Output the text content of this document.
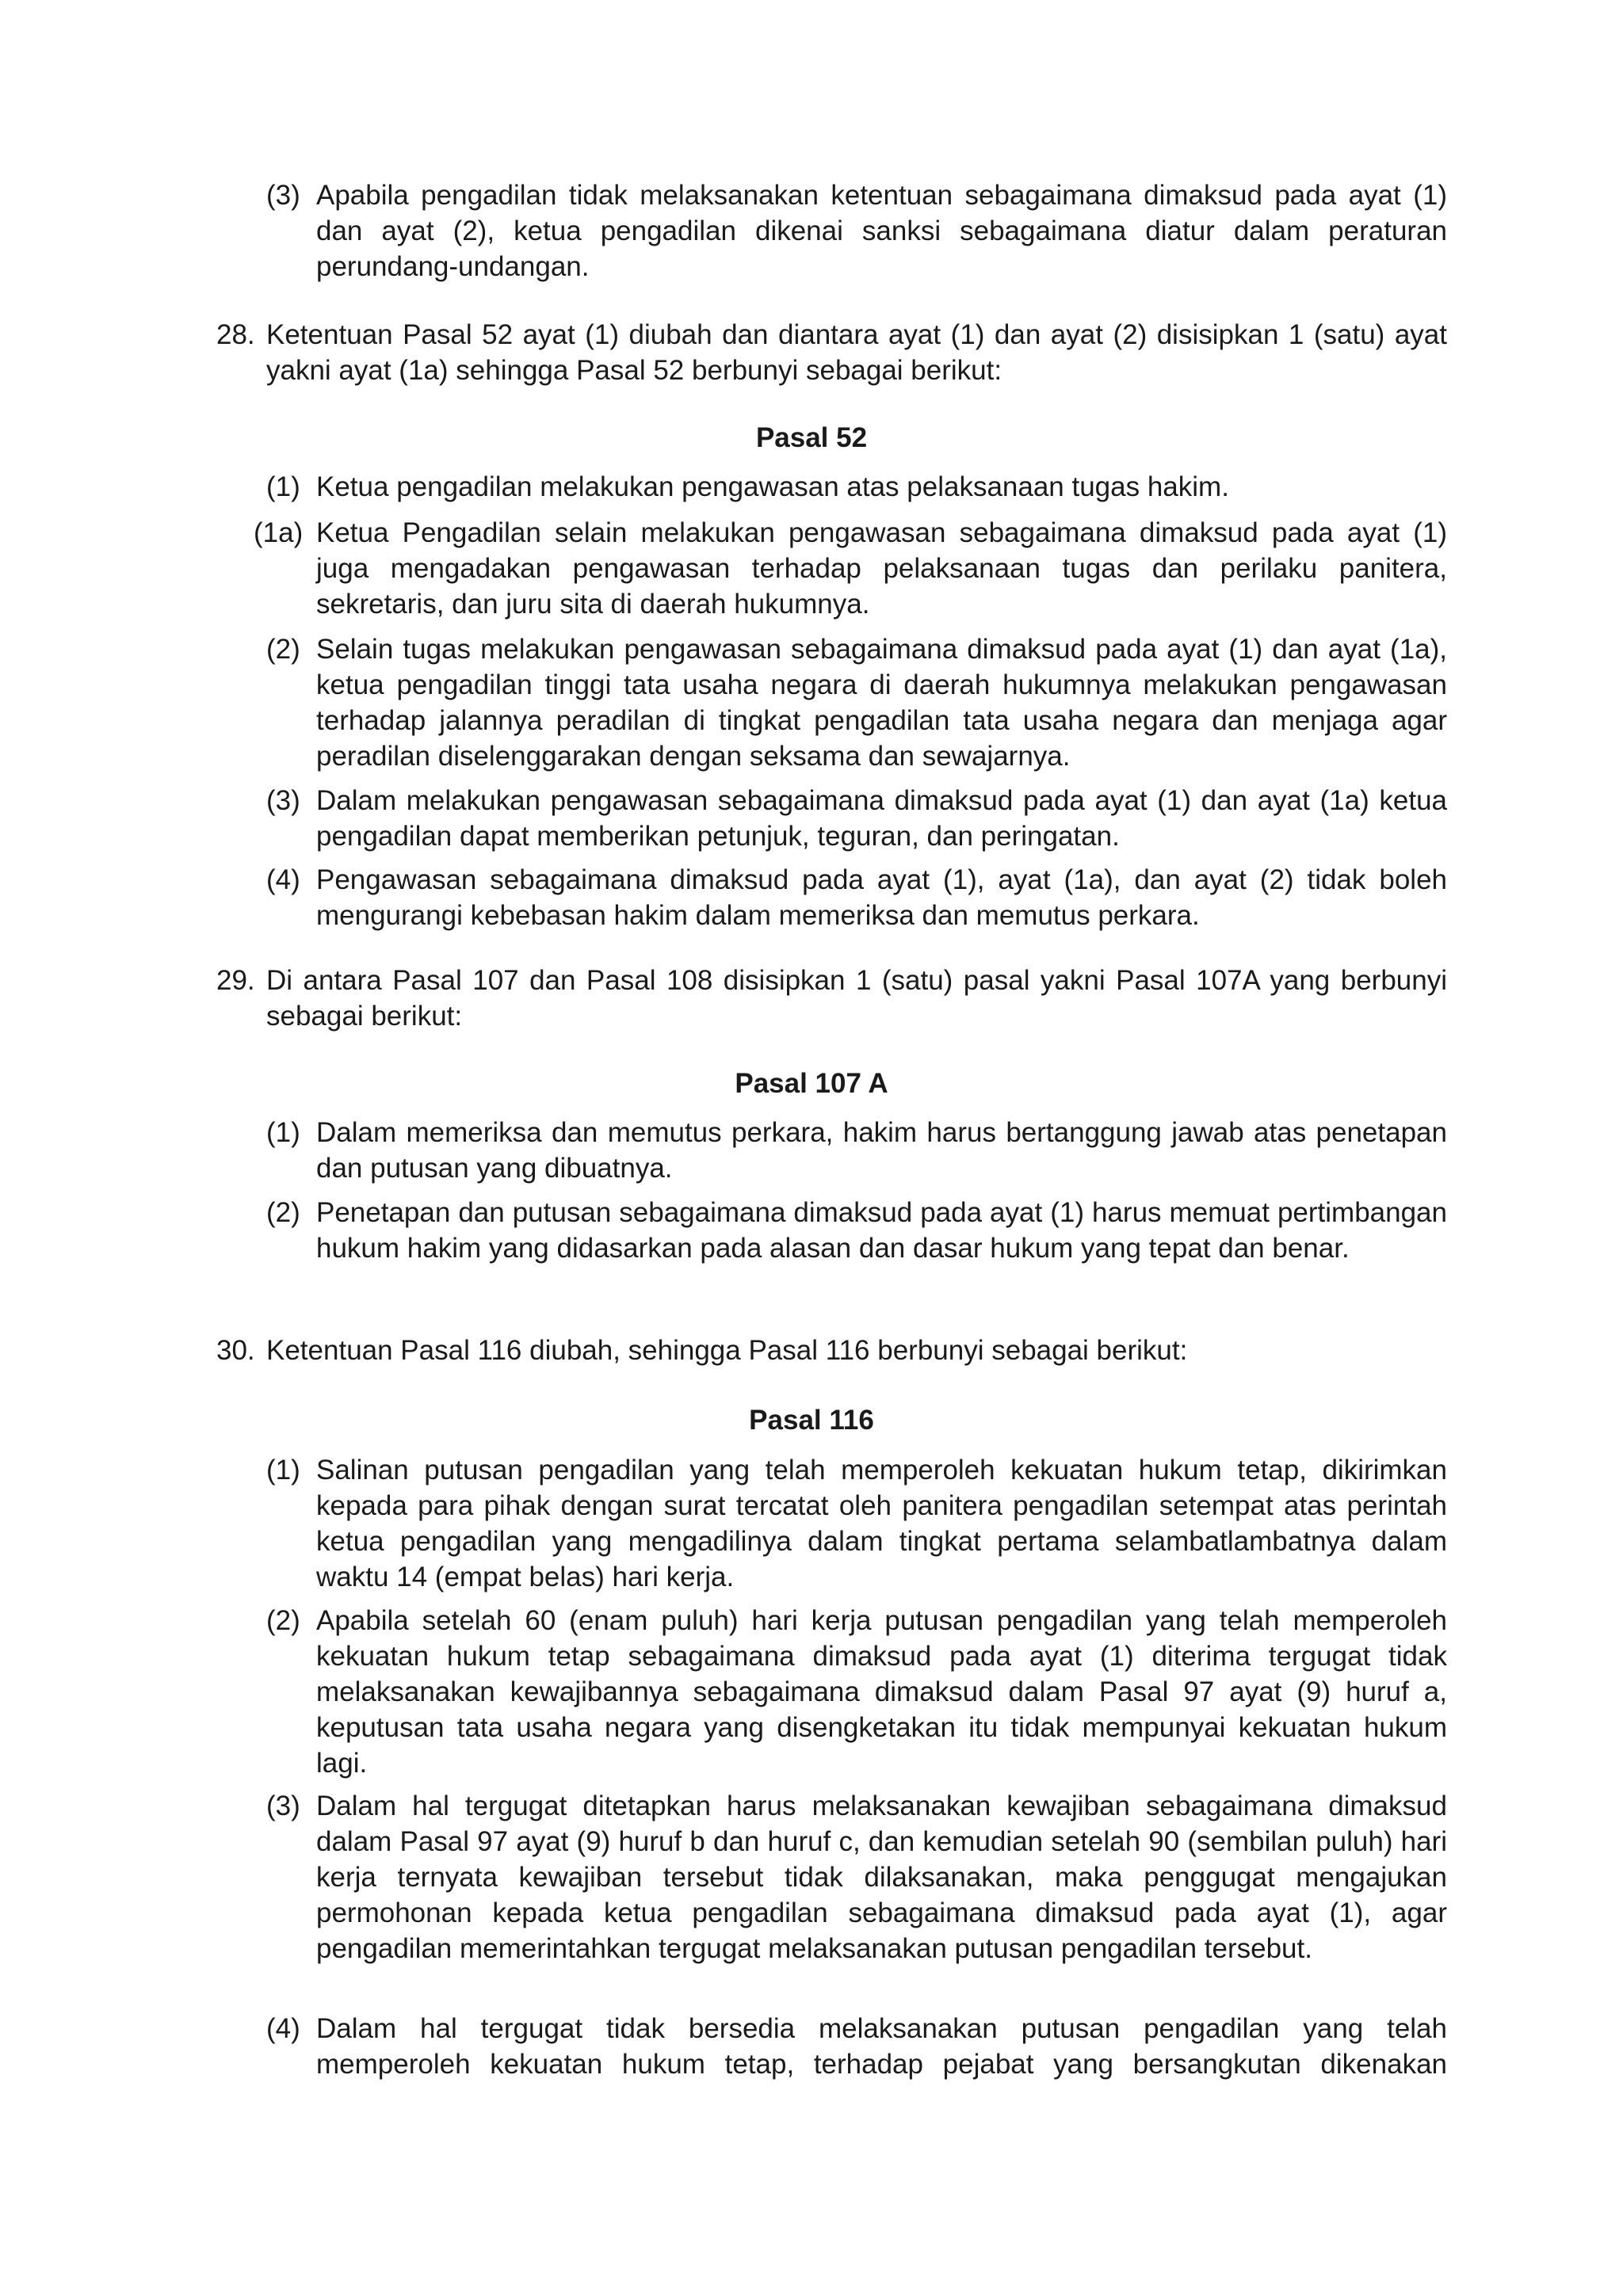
(3) Apabila pengadilan tidak melaksanakan ketentuan sebagaimana dimaksud pada ayat (1) dan ayat (2), ketua pengadilan dikenai sanksi sebagaimana diatur dalam peraturan perundang-undangan.
28. Ketentuan Pasal 52 ayat (1) diubah dan diantara ayat (1) dan ayat (2) disisipkan 1 (satu) ayat yakni ayat (1a) sehingga Pasal 52 berbunyi sebagai berikut:
Pasal 52
(1) Ketua pengadilan melakukan pengawasan atas pelaksanaan tugas hakim.
(1a) Ketua Pengadilan selain melakukan pengawasan sebagaimana dimaksud pada ayat (1) juga mengadakan pengawasan terhadap pelaksanaan tugas dan perilaku panitera, sekretaris, dan juru sita di daerah hukumnya.
(2) Selain tugas melakukan pengawasan sebagaimana dimaksud pada ayat (1) dan ayat (1a), ketua pengadilan tinggi tata usaha negara di daerah hukumnya melakukan pengawasan terhadap jalannya peradilan di tingkat pengadilan tata usaha negara dan menjaga agar peradilan diselenggarakan dengan seksama dan sewajarnya.
(3) Dalam melakukan pengawasan sebagaimana dimaksud pada ayat (1) dan ayat (1a) ketua pengadilan dapat memberikan petunjuk, teguran, dan peringatan.
(4) Pengawasan sebagaimana dimaksud pada ayat (1), ayat (1a), dan ayat (2) tidak boleh mengurangi kebebasan hakim dalam memeriksa dan memutus perkara.
29. Di antara Pasal 107 dan Pasal 108 disisipkan 1 (satu) pasal yakni Pasal 107A yang berbunyi sebagai berikut:
Pasal 107 A
(1) Dalam memeriksa dan memutus perkara, hakim harus bertanggung jawab atas penetapan dan putusan yang dibuatnya.
(2) Penetapan dan putusan sebagaimana dimaksud pada ayat (1) harus memuat pertimbangan hukum hakim yang didasarkan pada alasan dan dasar hukum yang tepat dan benar.
30. Ketentuan Pasal 116 diubah, sehingga Pasal 116 berbunyi sebagai berikut:
Pasal 116
(1) Salinan putusan pengadilan yang telah memperoleh kekuatan hukum tetap, dikirimkan kepada para pihak dengan surat tercatat oleh panitera pengadilan setempat atas perintah ketua pengadilan yang mengadilinya dalam tingkat pertama selambatlambatnya dalam waktu 14 (empat belas) hari kerja.
(2) Apabila setelah 60 (enam puluh) hari kerja putusan pengadilan yang telah memperoleh kekuatan hukum tetap sebagaimana dimaksud pada ayat (1) diterima tergugat tidak melaksanakan kewajibannya sebagaimana dimaksud dalam Pasal 97 ayat (9) huruf a, keputusan tata usaha negara yang disengketakan itu tidak mempunyai kekuatan hukum lagi.
(3) Dalam hal tergugat ditetapkan harus melaksanakan kewajiban sebagaimana dimaksud dalam Pasal 97 ayat (9) huruf b dan huruf c, dan kemudian setelah 90 (sembilan puluh) hari kerja ternyata kewajiban tersebut tidak dilaksanakan, maka penggugat mengajukan permohonan kepada ketua pengadilan sebagaimana dimaksud pada ayat (1), agar pengadilan memerintahkan tergugat melaksanakan putusan pengadilan tersebut.
(4) Dalam hal tergugat tidak bersedia melaksanakan putusan pengadilan yang telah memperoleh kekuatan hukum tetap, terhadap pejabat yang bersangkutan dikenakan
